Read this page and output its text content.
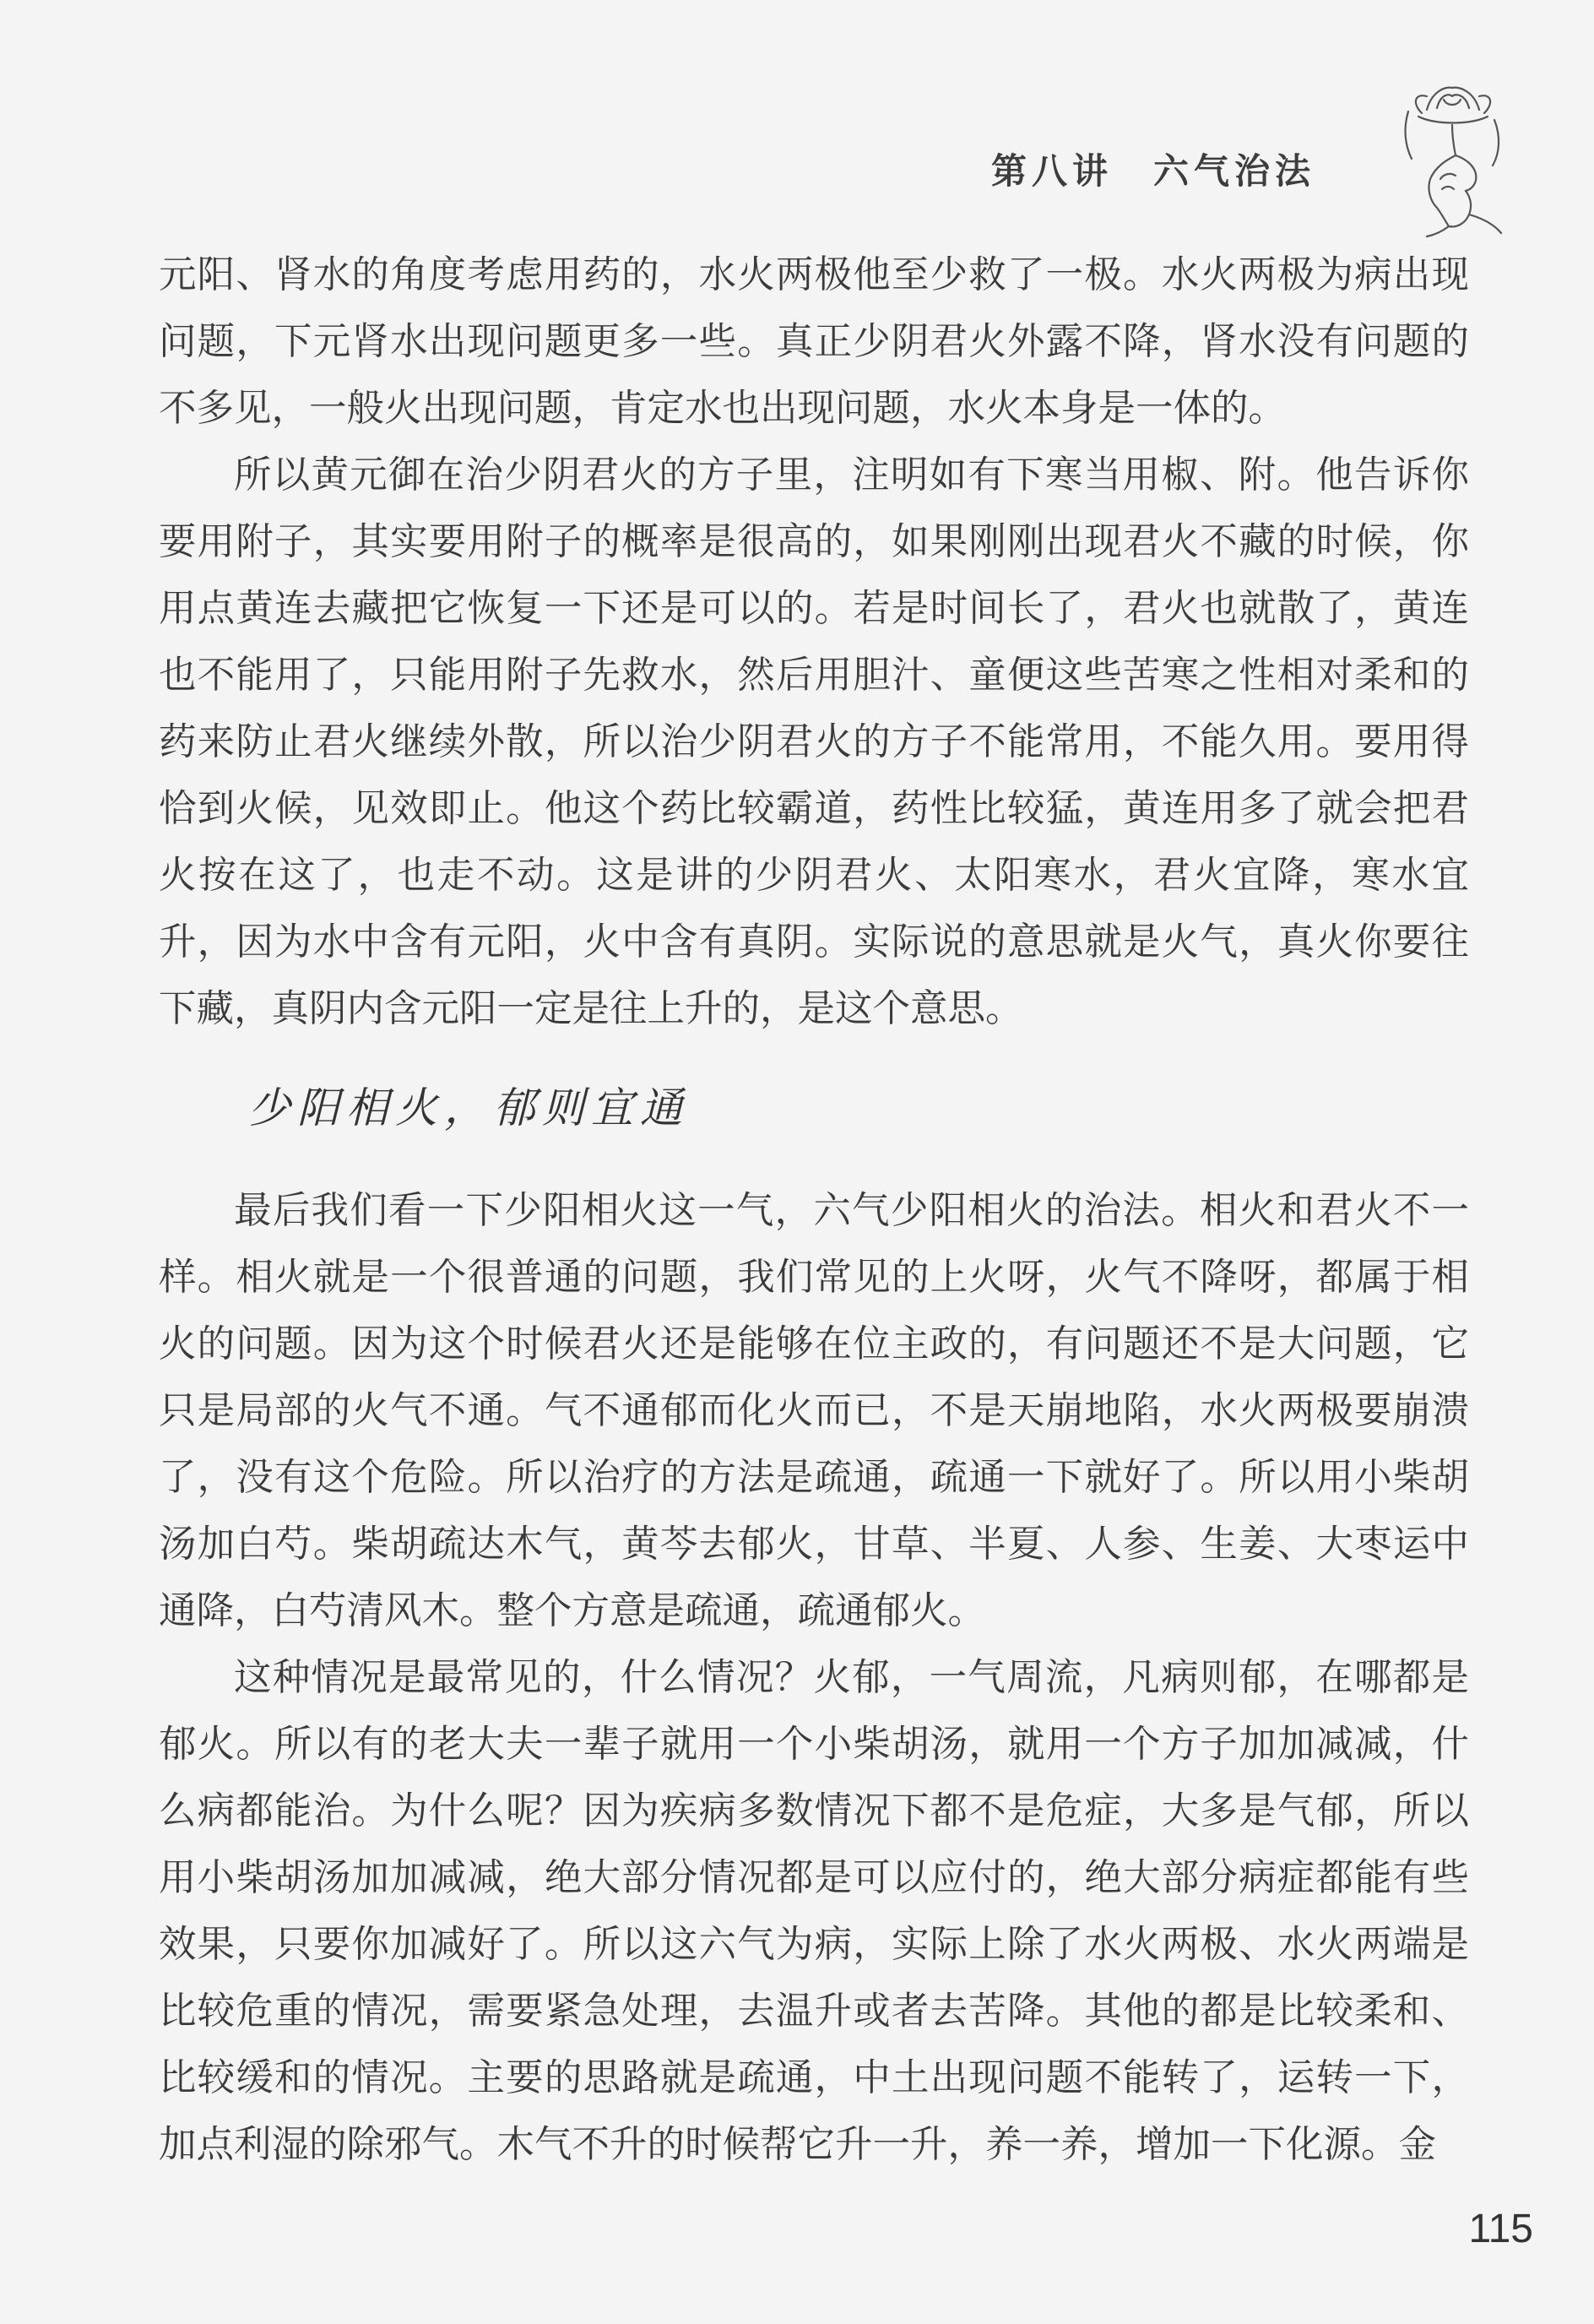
第八讲 六气治法

元阳、肾水的角度考虑用药的，水火两极他至少救了一极。水火两极为病出现问题，下元肾水出现问题更多一些。真正少阴君火外露不降，肾水没有问题的不多见，一般火出现问题，肯定水也出现问题，水火本身是一体的。

所以黄元御在治少阴君火的方子里，注明如有下寒当用椒、附。他告诉你要用附子，其实要用附子的概率是很高的，如果刚刚出现君火不藏的时候，你用点黄连去藏把它恢复一下还是可以的。若是时间长了，君火也就散了，黄连也不能用了，只能用附子先救水，然后用胆汁、童便这些苦寒之性相对柔和的药来防止君火继续外散，所以治少阴君火的方子不能常用，不能久用。要用得恰到火候，见效即止。他这个药比较霸道，药性比较猛，黄连用多了就会把君火按在这了，也走不动。这是讲的少阴君火、太阳寒水，君火宜降，寒水宜升，因为水中含有元阳，火中含有真阴。实际说的意思就是火气，真火你要往下藏，真阴内含元阳一定是往上升的，是这个意思。

少阳相火，郁则宜通

最后我们看一下少阳相火这一气，六气少阳相火的治法。相火和君火不一样。相火就是一个很普通的问题，我们常见的上火呀，火气不降呀，都属于相火的问题。因为这个时候君火还是能够在位主政的，有问题还不是大问题，它只是局部的火气不通。气不通郁而化火而已，不是天崩地陷，水火两极要崩溃了，没有这个危险。所以治疗的方法是疏通，疏通一下就好了。所以用小柴胡汤加白芍。柴胡疏达木气，黄芩去郁火，甘草、半夏、人参、生姜、大枣运中通降，白芍清风木。整个方意是疏通，疏通郁火。

这种情况是最常见的，什么情况？火郁，一气周流，凡病则郁，在哪都是郁火。所以有的老大夫一辈子就用一个小柴胡汤，就用一个方子加加减减，什么病都能治。为什么呢？因为疾病多数情况下都不是危症，大多是气郁，所以用小柴胡汤加加减减，绝大部分情况都是可以应付的，绝大部分病症都能有些效果，只要你加减好了。所以这六气为病，实际上除了水火两极、水火两端是比较危重的情况，需要紧急处理，去温升或者去苦降。其他的都是比较柔和、比较缓和的情况。主要的思路就是疏通，中土出现问题不能转了，运转一下，加点利湿的除邪气。木气不升的时候帮它升一升，养一养，增加一下化源。金

115
